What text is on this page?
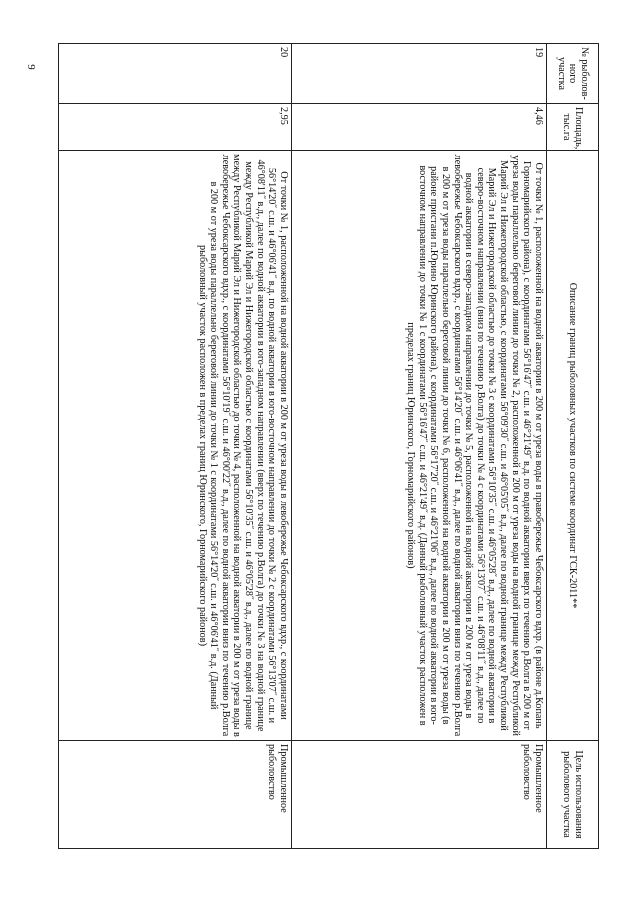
9	№ рыболов-ного участка	Площадь, тыс.га	Описание границ рыболовных участков по системе координат ГСК-2011**	Цель использования рыболового участка
19	4,46	От точки № 1, расположенной на водной акватории в 200 м от уреза воды в правобережье Чебоксарского вдхр. (в районе д.Копань Горномарийского района), с координатами 56°16'47˝ с.ш. и 46°21'49˝ в.д. по водной акватории вверх по течению р.Волга в 200 м от уреза воды параллельно береговой линии до точки № 2, расположенной в 200 м от уреза воды на водной границе между Республикой Марий Эл и Нижегородской областью, с координатами 56°09'30˝ с.ш. и 46°05'05˝ в.д., далее по водной границе между Республикой Марий Эл и Нижегородской областью до точки № 3 с координатами 56°10'35˝ с.ш. и 46°05'28˝ в.д., далее по водной акватории в северо-восточном направлении (вниз по течению р.Волга) до точки № 4 с координатами 56°13'07˝ с.ш. и 46°08'11˝ в.д., далее по водной акватории в северо-западном направлении до точки № 5, расположенной на водной акватории в 200 м от уреза воды в левобережье Чебоксарского вдхр., с координатами 56°14'20˝ с.ш. и 46°06'41˝ в.д., далее по водной акватории вниз по течению р.Волга в 200 м от уреза воды параллельно береговой линии до точки № 6, расположенной на водной акватории в 200 м от уреза воды (в районе пристани п.Юрино Юринского района), с координатами 56°17'20˝ с.ш. и 46°21'06˝ в.д., далее по водной акватории в юго-восточном направлении до точки № 1 с координатами 56°16'47˝ с.ш. и 46°21'49˝ в.д. (Данный рыболовный участок расположен в пределах границ Юринского, Горномарийского районов)	Промышленное рыболовство
20	2,95	От точки № 1, расположенной на водной акватории в 200 м от уреза воды в левобережье Чебоксарского вдхр., с координатами 56°14'20˝ с.ш. и 46°06'41˝ в.д. по водной акватории в юго-восточном направлении до точки № 2 с координатами 56°13'07˝ с.ш. и 46°08'11˝ в.д., далее по водной акватории в юго-западном направлении (вверх по течению р.Волга) до точки № 3 на водной границе между Республикой Марий Эл и Нижегородской областью с координатами 56°10'35˝ с.ш. и 46°05'28˝ в.д., далее по водной границе между Республикой Марий Эл и Нижегородской областью до точки № 4, расположенной на водной акватории в 200 м от уреза воды в левобережье Чебоксарского вдхр., с координатами 56°10'19˝ с.ш. и 46°00'22˝ в.д., далее по водной акватории вниз по течению р.Волга в 200 м от уреза воды параллельно береговой линии до точки № 1 с координатами 56°14'20˝ с.ш. и 46°06'41˝ в.д. (Данный рыболовный участок расположен в пределах границ Юринского, Горномарийского районов)	Промышленное рыболовство
